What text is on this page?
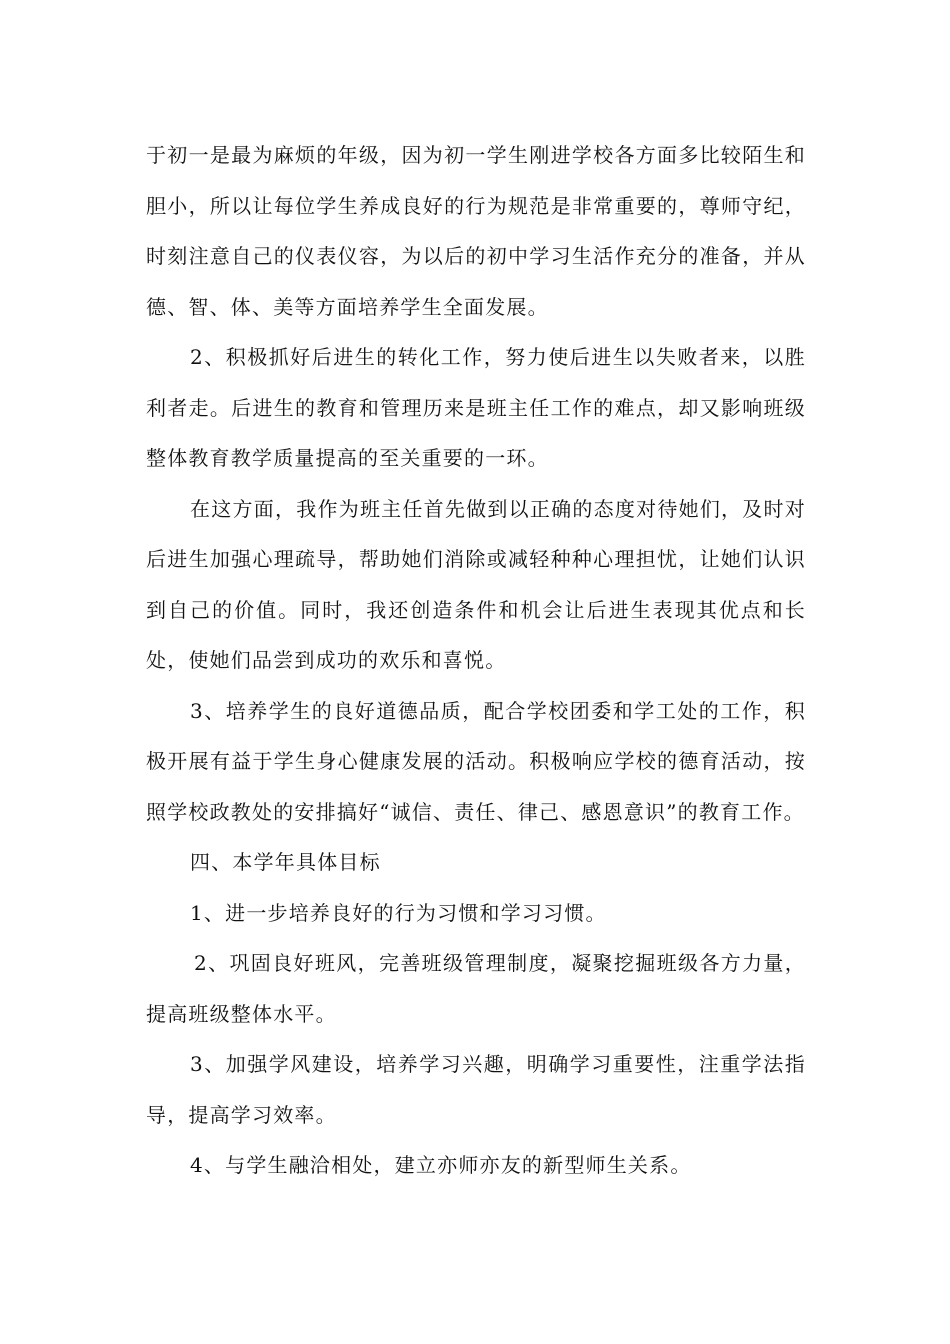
于初一是最为麻烦的年级，因为初一学生刚进学校各方面多比较陌生和胆小，所以让每位学生养成良好的行为规范是非常重要的，尊师守纪，时刻注意自己的仪表仪容，为以后的初中学习生活作充分的准备，并从德、智、体、美等方面培养学生全面发展。

2、积极抓好后进生的转化工作，努力使后进生以失败者来，以胜利者走。后进生的教育和管理历来是班主任工作的难点，却又影响班级整体教育教学质量提高的至关重要的一环。

在这方面，我作为班主任首先做到以正确的态度对待她们，及时对后进生加强心理疏导，帮助她们消除或减轻种种心理担忧，让她们认识到自己的价值。同时，我还创造条件和机会让后进生表现其优点和长处，使她们品尝到成功的欢乐和喜悦。

3、培养学生的良好道德品质，配合学校团委和学工处的工作，积极开展有益于学生身心健康发展的活动。积极响应学校的德育活动，按照学校政教处的安排搞好“诚信、责任、律己、感恩意识”的教育工作。

四、本学年具体目标

1、进一步培养良好的行为习惯和学习习惯。

2、巩固良好班风，完善班级管理制度，凝聚挖掘班级各方力量，提高班级整体水平。

3、加强学风建设，培养学习兴趣，明确学习重要性，注重学法指导，提高学习效率。

4、与学生融洽相处，建立亦师亦友的新型师生关系。
